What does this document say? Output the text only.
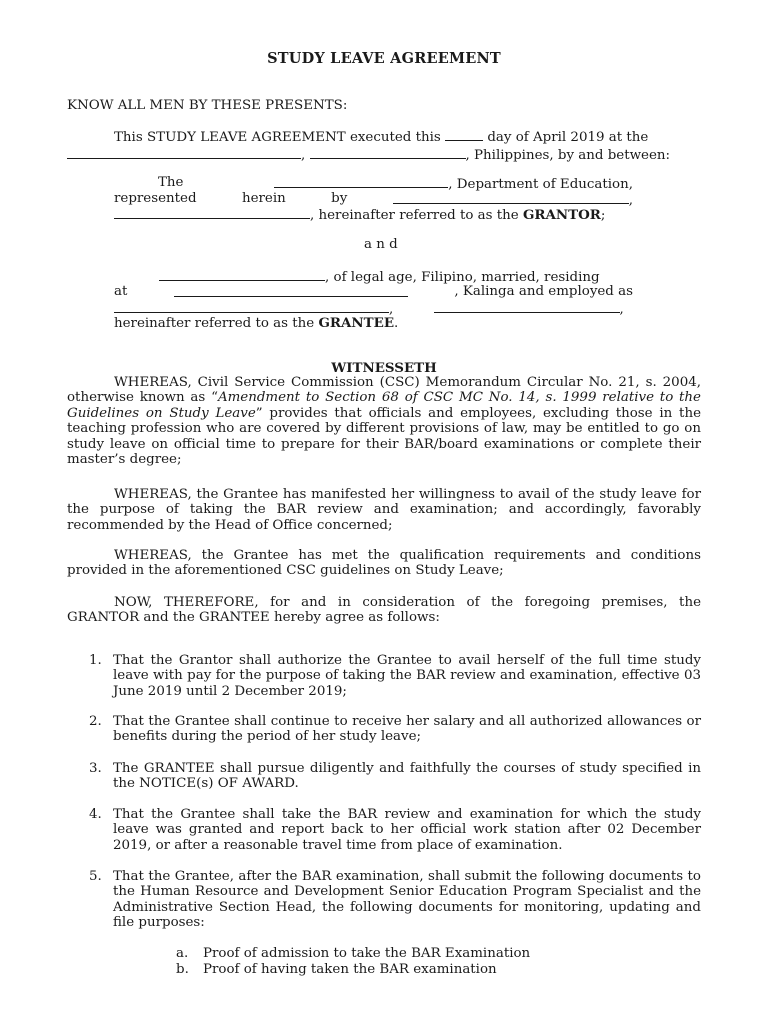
STUDY LEAVE AGREEMENT
KNOW ALL MEN BY THESE PRESENTS:
This STUDY LEAVE AGREEMENT executed this	day of April 2019 at the
,	, Philippines, by and between:
The	, Department of Education,
represented	herein	by	,
, hereinafter referred to as the GRANTOR;
a n d
, of legal age, Filipino, married, residing
at	, Kalinga and employed as
,	,
hereinafter referred to as the GRANTEE.
WITNESSETH

WHEREAS, Civil Service Commission (CSC) Memorandum Circular No. 21, s. 2004, otherwise known as “Amendment to Section 68 of CSC MC No. 14, s. 1999 relative to the Guidelines on Study Leave” provides that officials and employees, excluding those in the teaching profession who are covered by different provisions of law, may be entitled to go on study leave on official time to prepare for their BAR/board examinations or complete their master’s degree;

WHEREAS, the Grantee has manifested her willingness to avail of the study leave for the purpose of taking the BAR review and examination; and accordingly, favorably recommended by the Head of Office concerned;

WHEREAS, the Grantee has met the qualification requirements and conditions provided in the aforementioned CSC guidelines on Study Leave;

NOW, THEREFORE, for and in consideration of the foregoing premises, the GRANTOR and the GRANTEE hereby agree as follows:

1. That the Grantor shall authorize the Grantee to avail herself of the full time study leave with pay for the purpose of taking the BAR review and examination, effective 03 June 2019 until 2 December 2019;
2. That the Grantee shall continue to receive her salary and all authorized allowances or benefits during the period of her study leave;
3. The GRANTEE shall pursue diligently and faithfully the courses of study specified in the NOTICE(s) OF AWARD.
4. That the Grantee shall take the BAR review and examination for which the study leave was granted and report back to her official work station after 02 December 2019, or after a reasonable travel time from place of examination.
5. That the Grantee, after the BAR examination, shall submit the following documents to the Human Resource and Development Senior Education Program Specialist and the Administrative Section Head, the following documents for monitoring, updating and file purposes:
a. Proof of admission to take the BAR Examination
b. Proof of having taken the BAR examination
